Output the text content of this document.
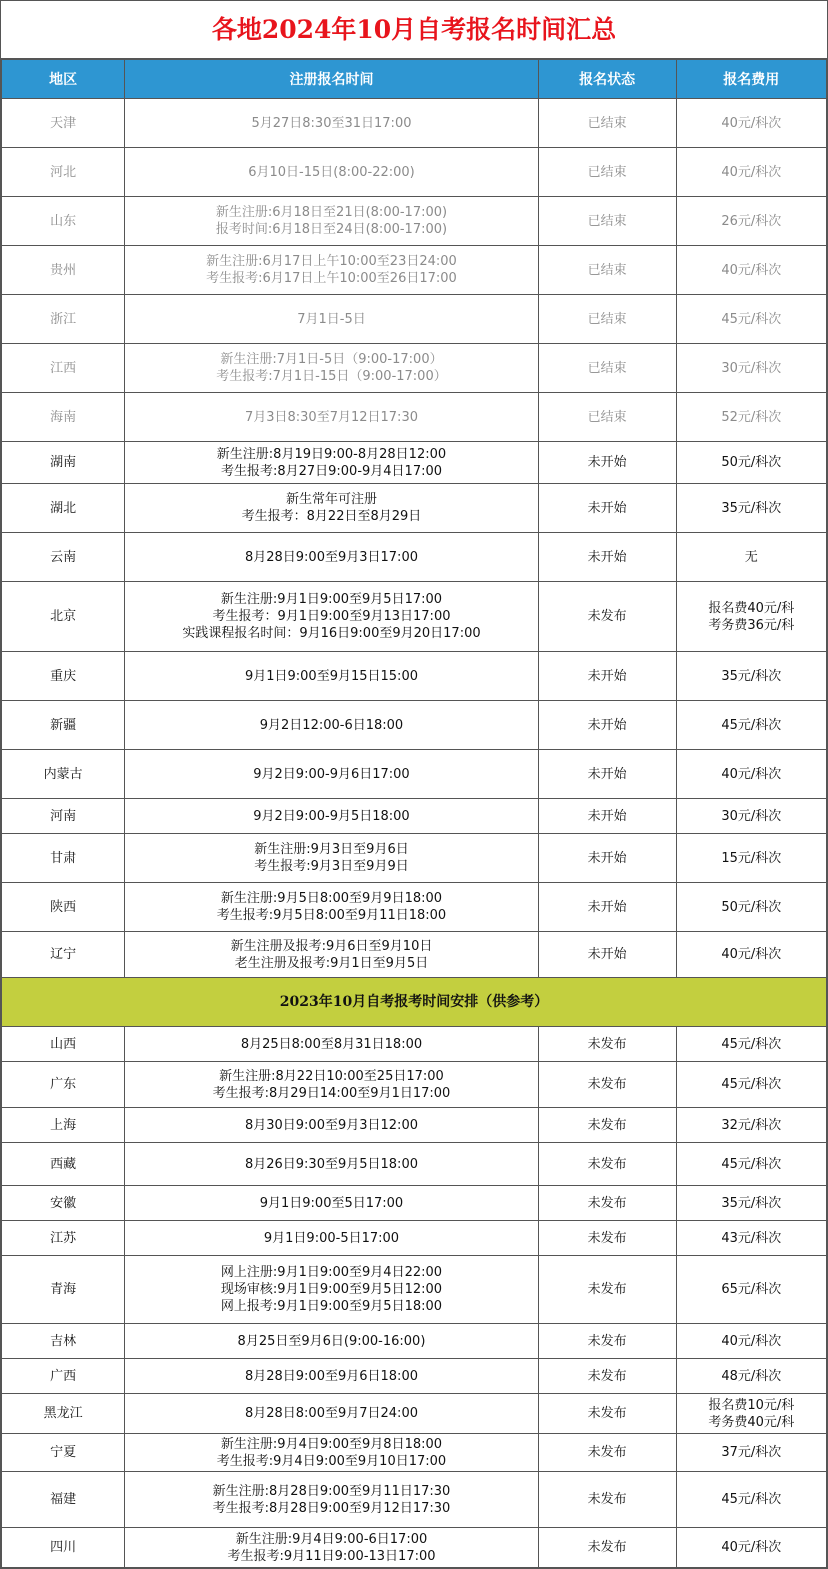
各地2024年10月自考报名时间汇总
地区	注册报名时间	报名状态	报名费用
天津	5月27日8:30至31日17:00	已结束	40元/科次

河北	6月10日-15日(8:00-22:00)	已结束	40元/科次

山东	新生注册:6月18日至21日(8:00-17:00)
报考时间:6月18日至24日(8:00-17:00)	已结束	26元/科次

贵州	新生注册:6月17日上午10:00至23日24:00
考生报考:6月17日上午10:00至26日17:00	已结束	40元/科次

浙江	7月1日-5日	已结束	45元/科次

江西	新生注册:7月1日-5日（9:00-17:00）
考生报考:7月1日-15日（9:00-17:00）	已结束	30元/科次

海南	7月3日8:30至7月12日17:30	已结束	52元/科次

湖南	新生注册:8月19日9:00-8月28日12:00
考生报考:8月27日9:00-9月4日17:00	未开始	50元/科次

湖北	新生常年可注册
考生报考：8月22日至8月29日	未开始	35元/科次

云南	8月28日9:00至9月3日17:00	未开始	无

北京	新生注册:9月1日9:00至9月5日17:00
考生报考：9月1日9:00至9月13日17:00
实践课程报名时间：9月16日9:00至9月20日17:00	未发布	报名费40元/科
考务费36元/科

重庆	9月1日9:00至9月15日15:00	未开始	35元/科次

新疆	9月2日12:00-6日18:00	未开始	45元/科次

内蒙古	9月2日9:00-9月6日17:00	未开始	40元/科次

河南	9月2日9:00-9月5日18:00	未开始	30元/科次

甘肃	新生注册:9月3日至9月6日
考生报考:9月3日至9月9日	未开始	15元/科次

陕西	新生注册:9月5日8:00至9月9日18:00
考生报考:9月5日8:00至9月11日18:00	未开始	50元/科次

辽宁	新生注册及报考:9月6日至9月10日
老生注册及报考:9月1日至9月5日	未开始	40元/科次

2023年10月自考报考时间安排（供参考）			
山西	8月25日8:00至8月31日18:00	未发布	45元/科次

广东	新生注册:8月22日10:00至25日17:00
考生报考:8月29日14:00至9月1日17:00	未发布	45元/科次

上海	8月30日9:00至9月3日12:00	未发布	32元/科次

西藏	8月26日9:30至9月5日18:00	未发布	45元/科次

安徽	9月1日9:00至5日17:00	未发布	35元/科次

江苏	9月1日9:00-5日17:00	未发布	43元/科次

青海	网上注册:9月1日9:00至9月4日22:00
现场审核:9月1日9:00至9月5日12:00
网上报考:9月1日9:00至9月5日18:00	未发布	65元/科次

吉林	8月25日至9月6日(9:00-16:00)	未发布	40元/科次

广西	8月28日9:00至9月6日18:00	未发布	48元/科次

黑龙江	8月28日8:00至9月7日24:00	未发布	报名费10元/科
考务费40元/科

宁夏	新生注册:9月4日9:00至9月8日18:00
考生报考:9月4日9:00至9月10日17:00	未发布	37元/科次

福建	新生注册:8月28日9:00至9月11日17:30
考生报考:8月28日9:00至9月12日17:30	未发布	45元/科次

四川	新生注册:9月4日9:00-6日17:00
考生报考:9月11日9:00-13日17:00	未发布	40元/科次
